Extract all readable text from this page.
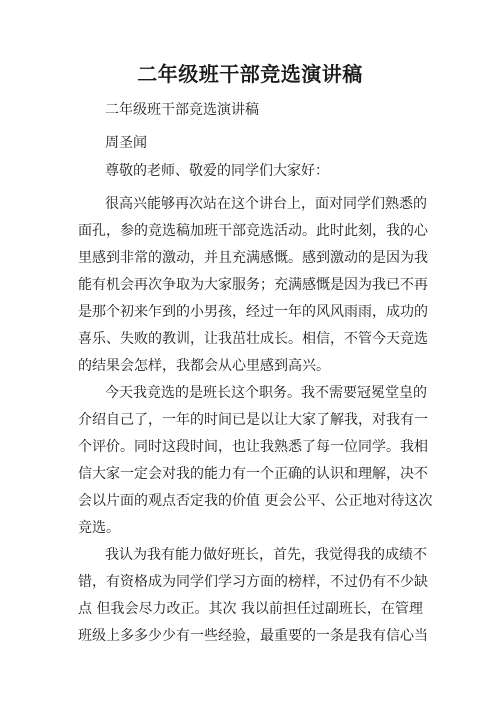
二年级班干部竞选演讲稿
二年级班干部竞选演讲稿
周圣闻
尊敬的老师、敬爱的同学们大家好：
很高兴能够再次站在这个讲台上，面对同学们熟悉的
面孔，参的竞选稿加班干部竞选活动。此时此刻，我的心
里感到非常的激动，并且充满感慨。感到激动的是因为我
能有机会再次争取为大家服务；充满感慨是因为我已不再
是那个初来乍到的小男孩，经过一年的风风雨雨，成功的
喜乐、失败的教训，让我茁壮成长。相信，不管今天竞选
的结果会怎样，我都会从心里感到高兴。
今天我竞选的是班长这个职务。我不需要冠冕堂皇的
介绍自己了，一年的时间已是以让大家了解我，对我有一
个评价。同时这段时间，也让我熟悉了每一位同学。我相
信大家一定会对我的能力有一个正确的认识和理解，决不
会以片面的观点否定我的价值 更会公平、公正地对待这次
竞选。
我认为我有能力做好班长，首先，我觉得我的成绩不
错，有资格成为同学们学习方面的榜样，不过仍有不少缺
点 但我会尽力改正。其次 我以前担任过副班长，在管理
班级上多多少少有一些经验，最重要的一条是我有信心当
